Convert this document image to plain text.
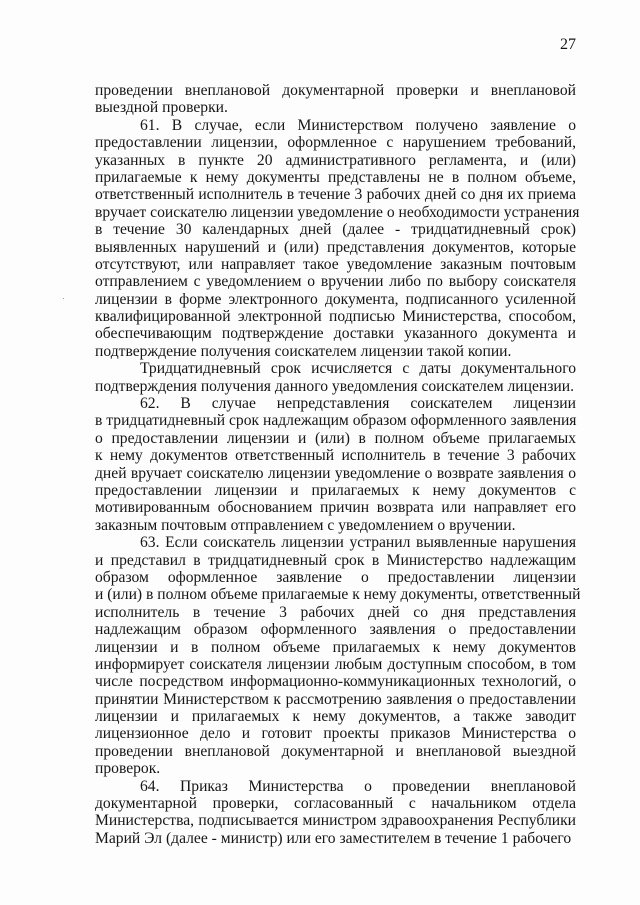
27
проведении внеплановой документарной проверки и внеплановой
выездной проверки.
61. В случае, если Министерством получено заявление о
предоставлении лицензии, оформленное с нарушением требований,
указанных в пункте 20 административного регламента, и (или)
прилагаемые к нему документы представлены не в полном объеме,
ответственный исполнитель в течение 3 рабочих дней со дня их приема
вручает соискателю лицензии уведомление о необходимости устранения
в течение 30 календарных дней (далее - тридцатидневный срок)
выявленных нарушений и (или) представления документов, которые
отсутствуют, или направляет такое уведомление заказным почтовым
отправлением с уведомлением о вручении либо по выбору соискателя
лицензии в форме электронного документа, подписанного усиленной
квалифицированной электронной подписью Министерства, способом,
обеспечивающим подтверждение доставки указанного документа и
подтверждение получения соискателем лицензии такой копии.
Тридцатидневный срок исчисляется с даты документального
подтверждения получения данного уведомления соискателем лицензии.
62. В случае непредставления соискателем лицензии
в тридцатидневный срок надлежащим образом оформленного заявления
о предоставлении лицензии и (или) в полном объеме прилагаемых
к нему документов ответственный исполнитель в течение 3 рабочих
дней вручает соискателю лицензии уведомление о возврате заявления о
предоставлении лицензии и прилагаемых к нему документов с
мотивированным обоснованием причин возврата или направляет его
заказным почтовым отправлением с уведомлением о вручении.
63. Если соискатель лицензии устранил выявленные нарушения
и представил в тридцатидневный срок в Министерство надлежащим
образом оформленное заявление о предоставлении лицензии
и (или) в полном объеме прилагаемые к нему документы, ответственный
исполнитель в течение 3 рабочих дней со дня представления
надлежащим образом оформленного заявления о предоставлении
лицензии и в полном объеме прилагаемых к нему документов
информирует соискателя лицензии любым доступным способом, в том
числе посредством информационно-коммуникационных технологий, о
принятии Министерством к рассмотрению заявления о предоставлении
лицензии и прилагаемых к нему документов, а также заводит
лицензионное дело и готовит проекты приказов Министерства о
проведении внеплановой документарной и внеплановой выездной
проверок.
64. Приказ Министерства о проведении внеплановой
документарной проверки, согласованный с начальником отдела
Министерства, подписывается министром здравоохранения Республики
Марий Эл (далее - министр) или его заместителем в течение 1 рабочего
